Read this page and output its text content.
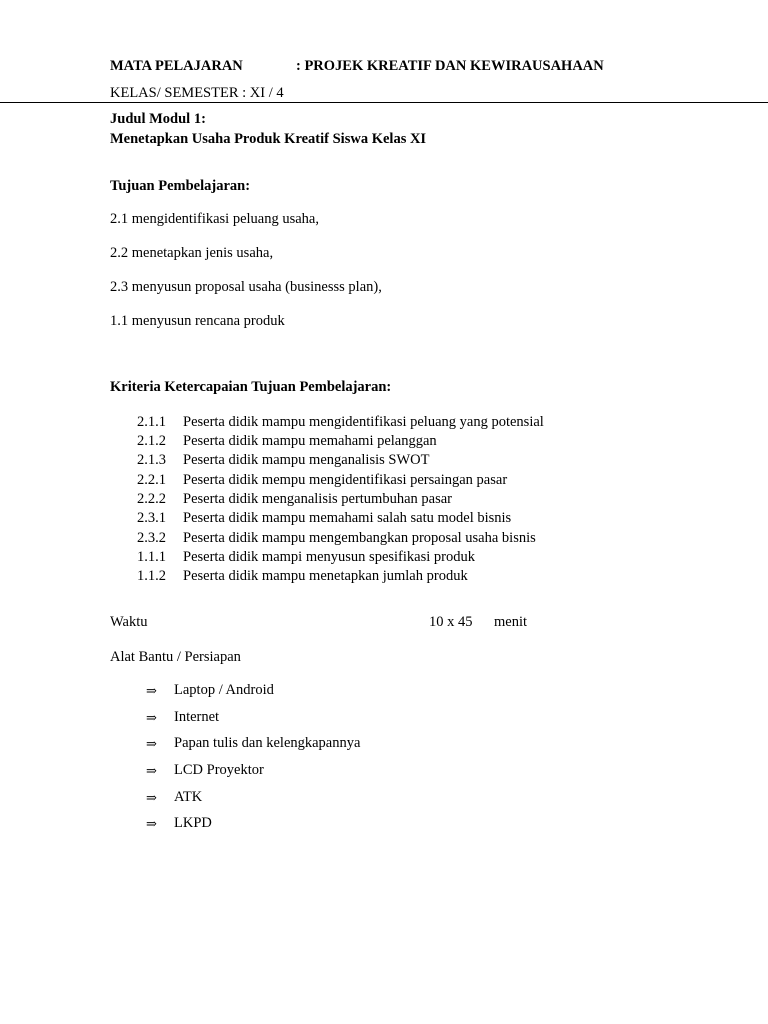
MATA PELAJARAN	: PROJEK KREATIF DAN KEWIRAUSAHAAN
KELAS/ SEMESTER : XI / 4
Judul Modul 1:
Menetapkan Usaha Produk Kreatif Siswa Kelas XI
Tujuan Pembelajaran:
2.1 mengidentifikasi peluang usaha,
2.2 menetapkan jenis usaha,
2.3 menyusun proposal usaha (businesss plan),
1.1 menyusun rencana produk
Kriteria Ketercapaian Tujuan Pembelajaran:
2.1.1 Peserta didik mampu mengidentifikasi peluang yang potensial
2.1.2 Peserta didik mampu memahami pelanggan
2.1.3 Peserta didik mampu menganalisis SWOT
2.2.1 Peserta didik mempu mengidentifikasi persaingan pasar
2.2.2 Peserta didik menganalisis pertumbuhan pasar
2.3.1 Peserta didik mampu memahami salah satu model bisnis
2.3.2 Peserta didik mampu mengembangkan proposal usaha bisnis
1.1.1 Peserta didik mampi menyusun spesifikasi produk
1.1.2 Peserta didik mampu menetapkan jumlah produk
Waktu	10 x 45 menit
Alat Bantu / Persiapan
⇒ Laptop / Android
⇒ Internet
⇒ Papan tulis dan kelengkapannya
⇒ LCD Proyektor
⇒ ATK
⇒ LKPD
